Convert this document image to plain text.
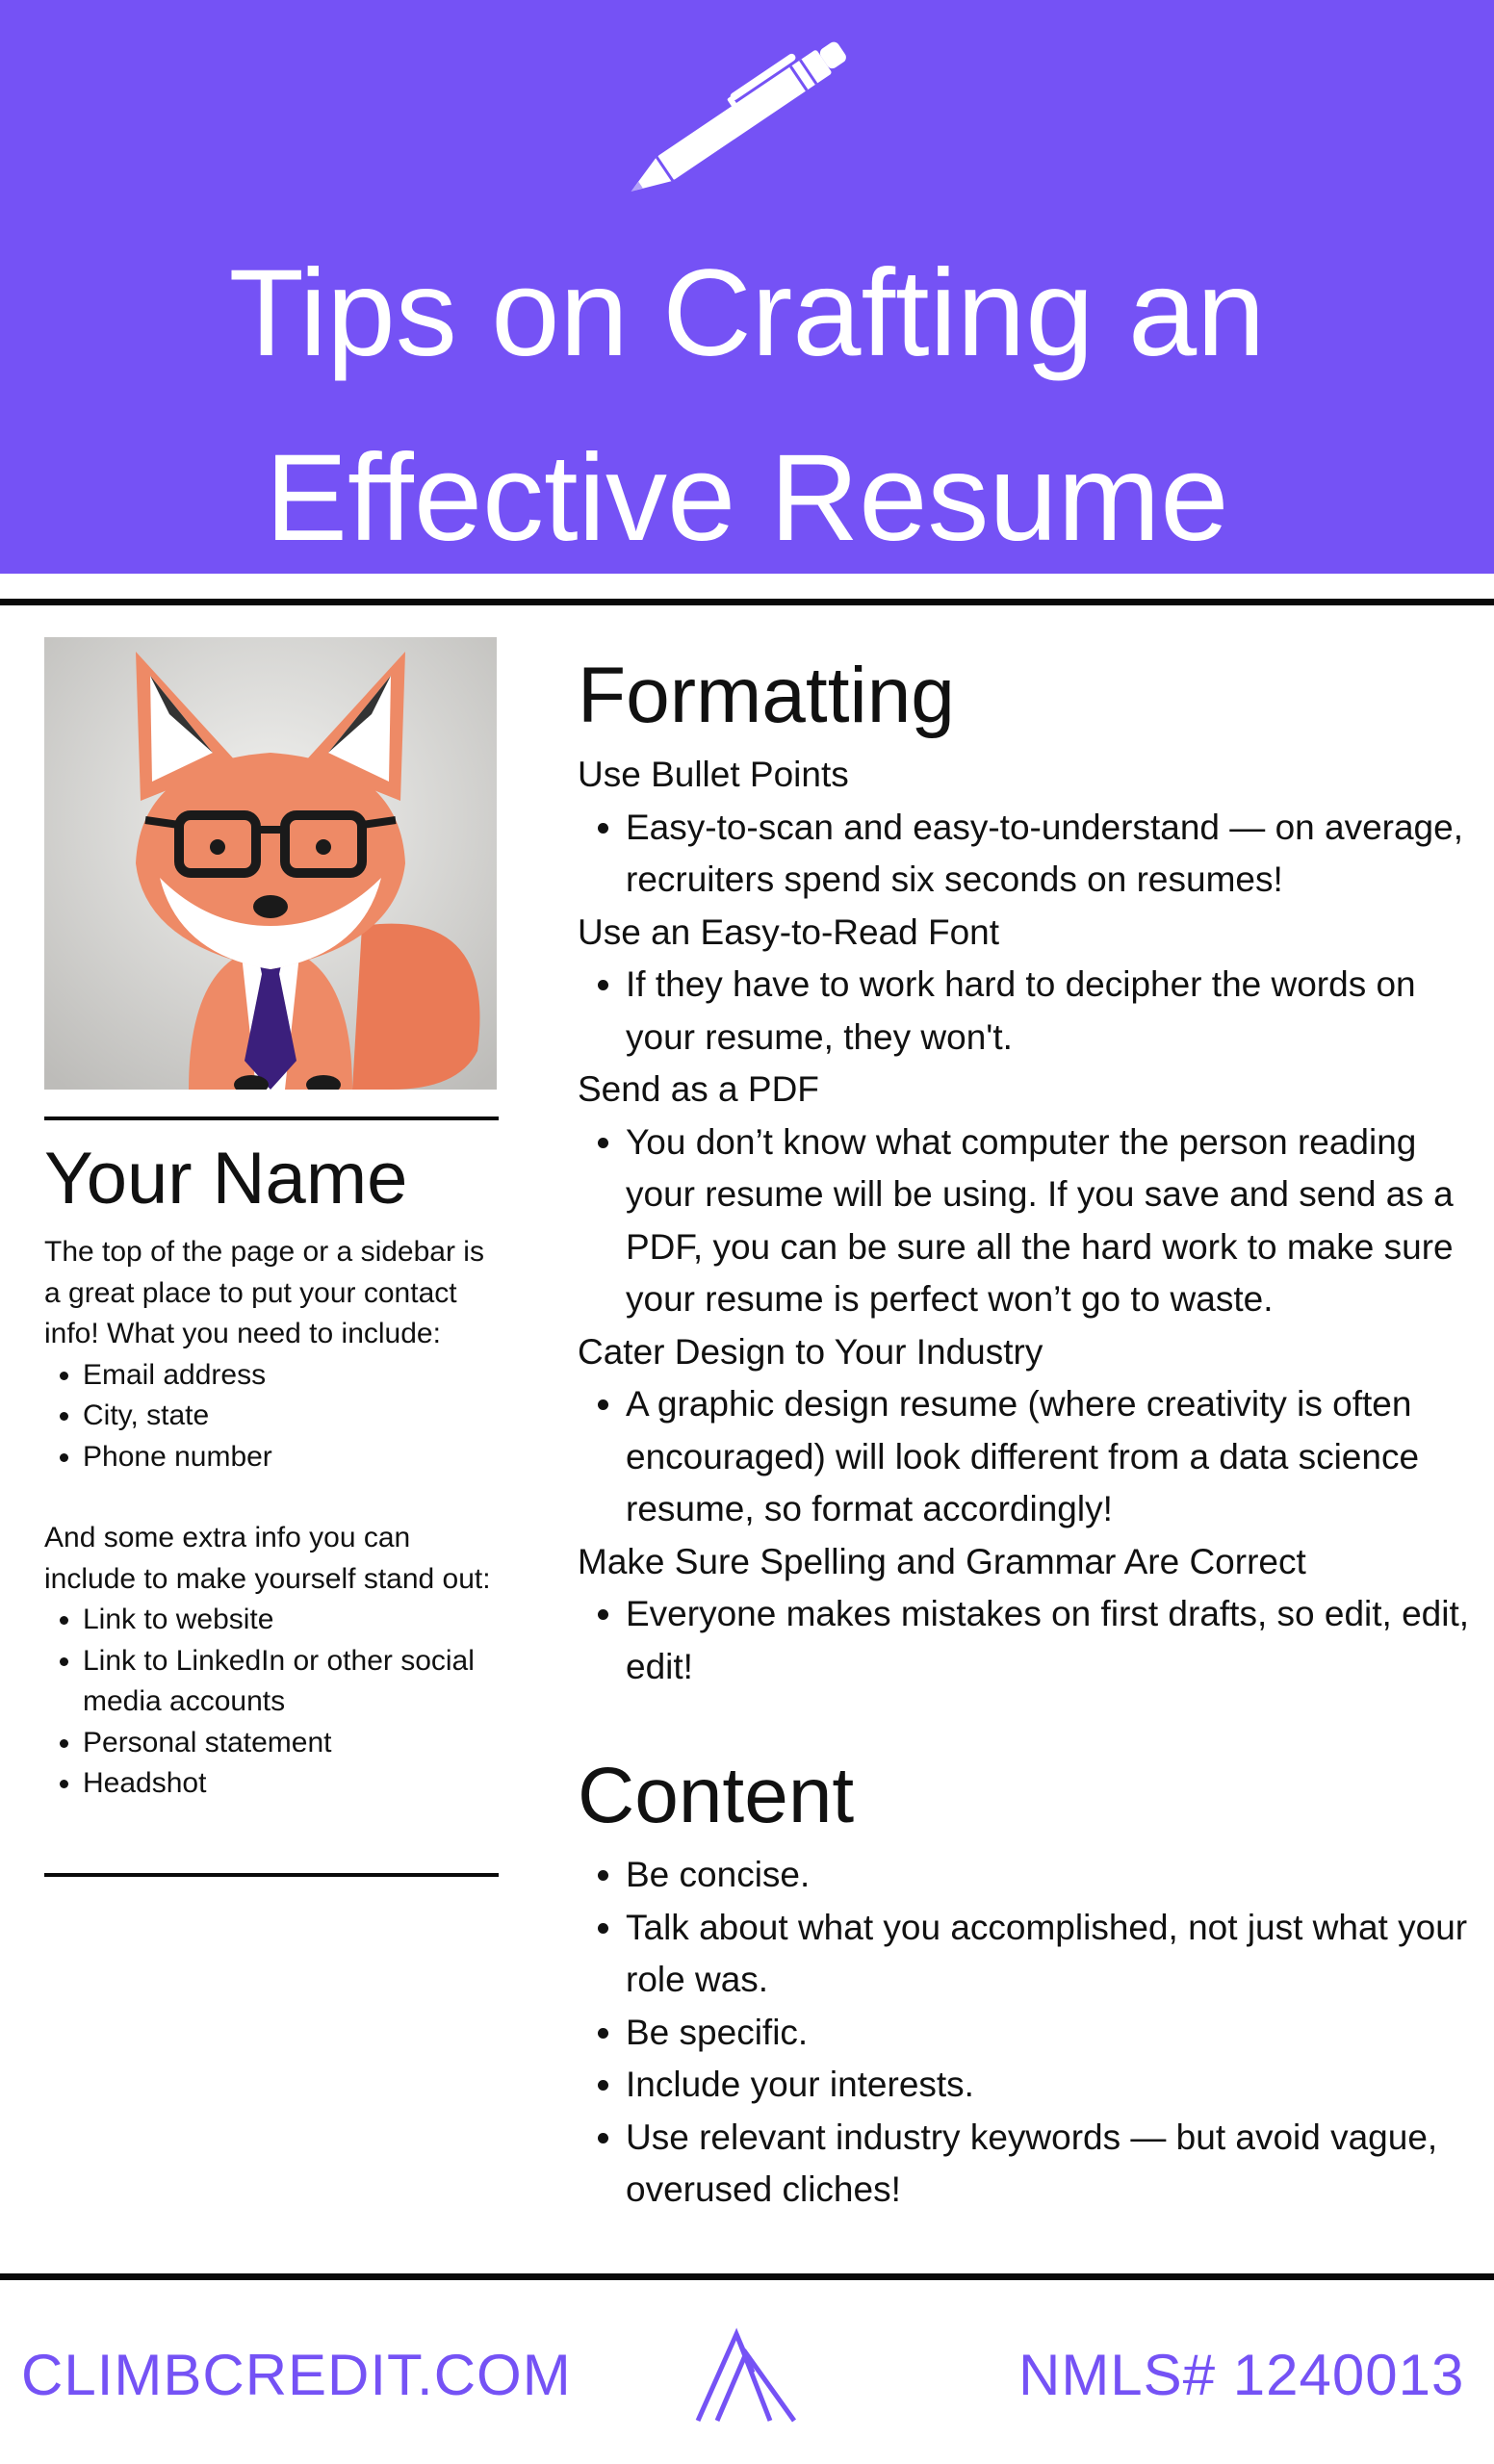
Tips on Crafting an
Effective Resume
Your Name

The top of the page or a sidebar is a great place to put your contact info! What you need to include:

• Email address
• City, state
• Phone number

And some extra info you can include to make yourself stand out:

• Link to website
• Link to LinkedIn or other social media accounts
• Personal statement
• Headshot
Formatting

Use Bullet Points

• Easy-to-scan and easy-to-understand — on average, recruiters spend six seconds on resumes!

Use an Easy-to-Read Font

• If they have to work hard to decipher the words on your resume, they won't.

Send as a PDF

• You don’t know what computer the person reading your resume will be using. If you save and send as a PDF, you can be sure all the hard work to make sure your resume is perfect won’t go to waste.

Cater Design to Your Industry

• A graphic design resume (where creativity is often encouraged) will look different from a data science resume, so format accordingly!

Make Sure Spelling and Grammar Are Correct

• Everyone makes mistakes on first drafts, so edit, edit, edit!
Content
• Be concise.
• Talk about what you accomplished, not just what your role was.
• Be specific.
• Include your interests.
• Use relevant industry keywords — but avoid vague, overused cliches!
CLIMBCREDIT.COM	NMLS# 1240013
